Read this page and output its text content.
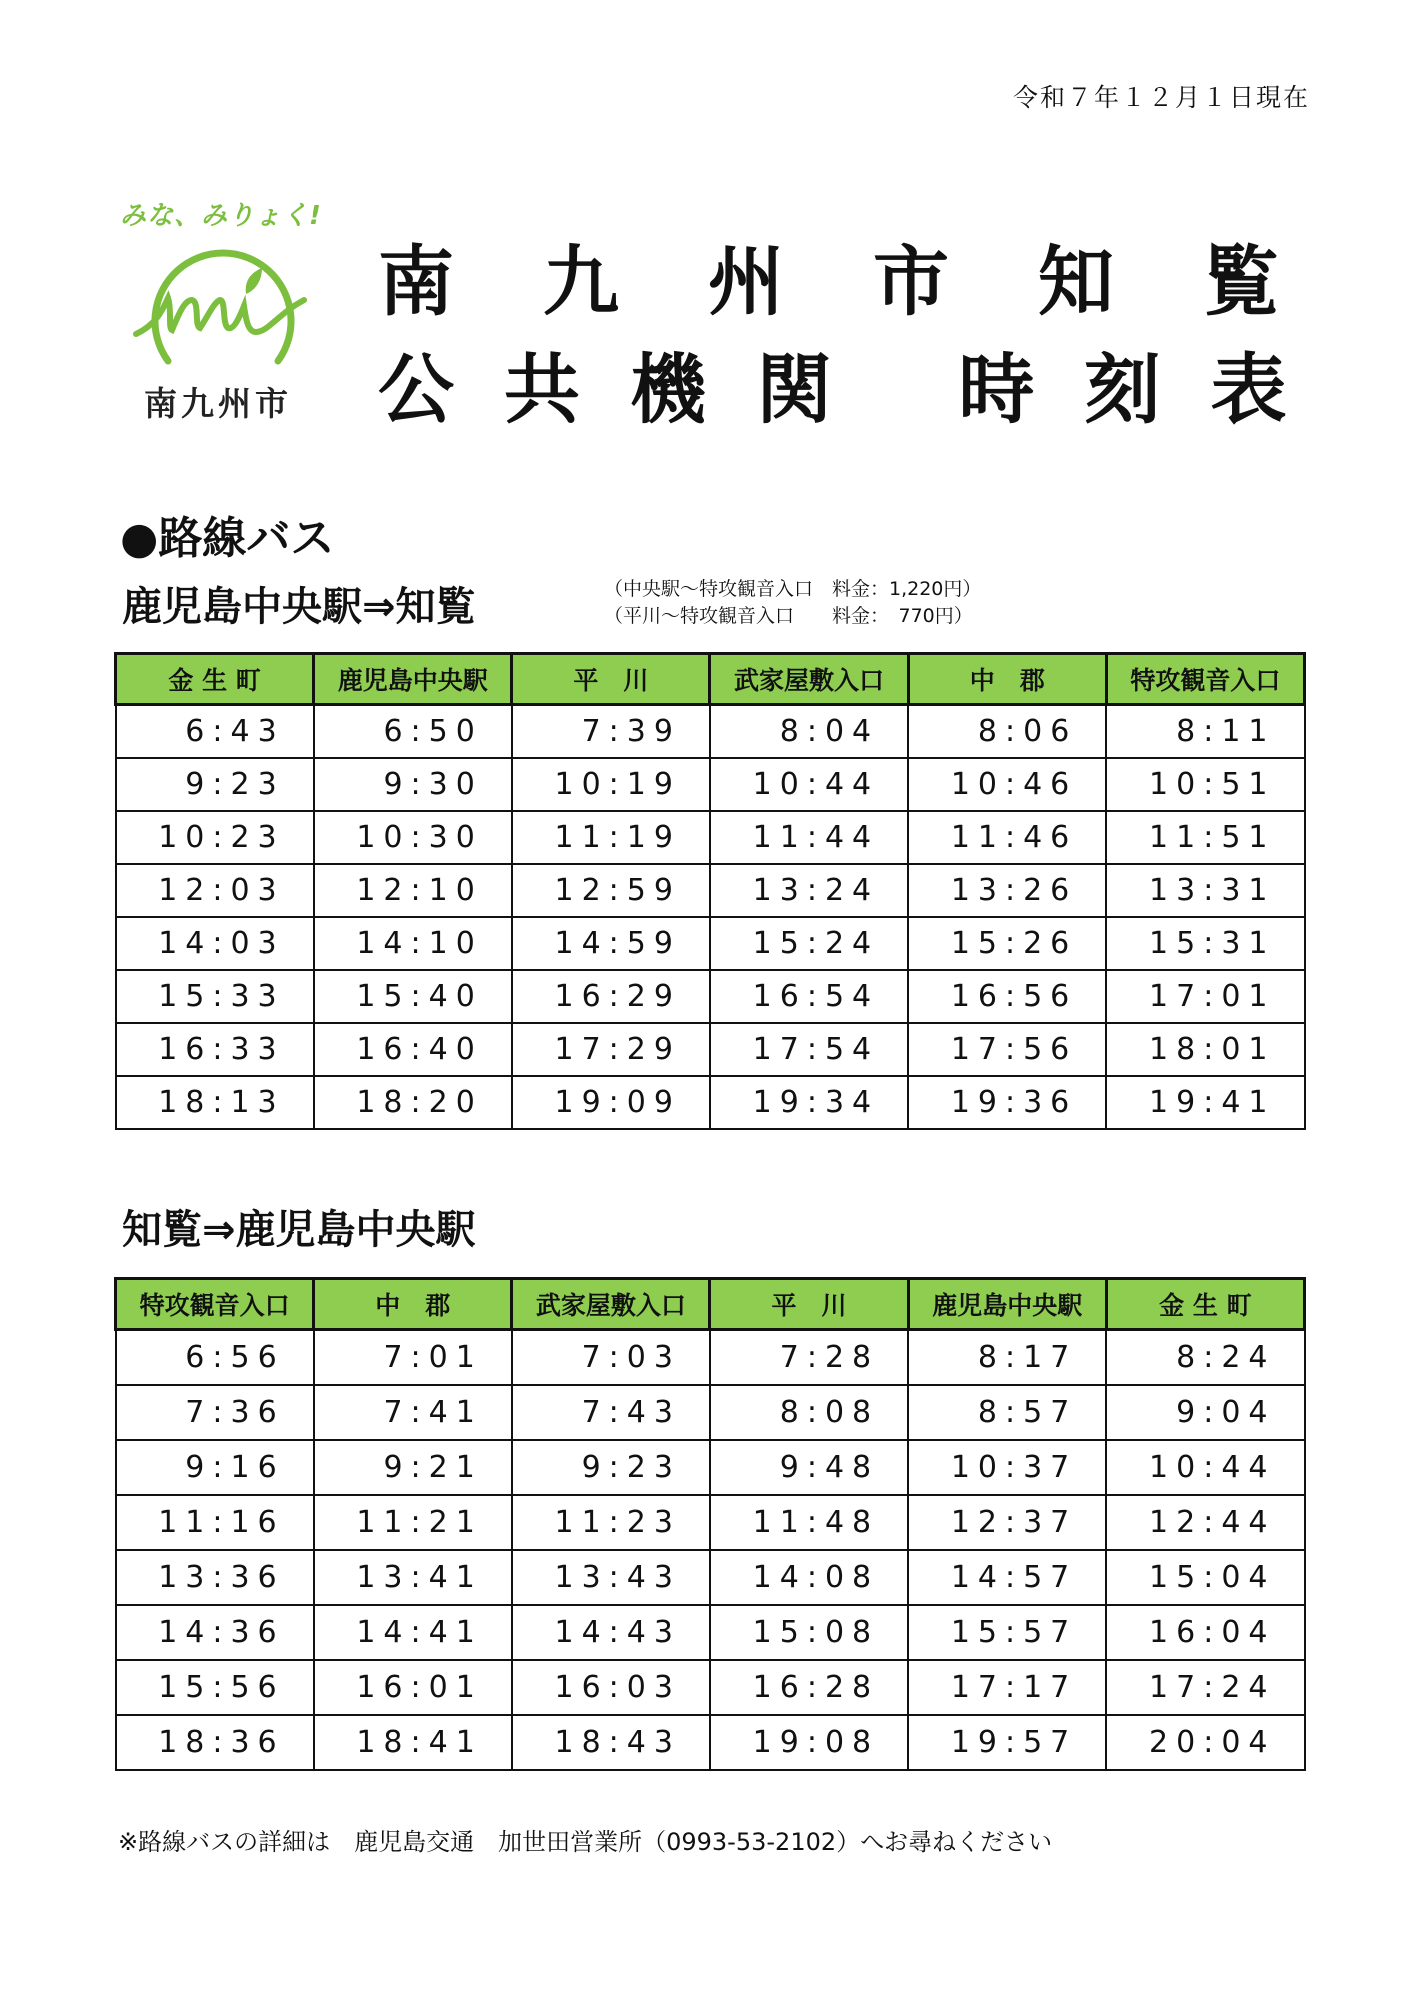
令和７年１２月１日現在
みな、みりょく!
南九州市
南九州市知覧
公共機関 時刻表
●路線バス
鹿児島中央駅⇒知覧	（中央駅～特攻観音入口　料金：1,220円）
（平川～特攻観音入口　　料金：　770円）
金 生 町	鹿児島中央駅	平　川	武家屋敷入口	中　郡	特攻観音入口
6:43	6:50	7:39	8:04	8:06	8:11
9:23	9:30	10:19	10:44	10:46	10:51
10:23	10:30	11:19	11:44	11:46	11:51
12:03	12:10	12:59	13:24	13:26	13:31
14:03	14:10	14:59	15:24	15:26	15:31
15:33	15:40	16:29	16:54	16:56	17:01
16:33	16:40	17:29	17:54	17:56	18:01
18:13	18:20	19:09	19:34	19:36	19:41
知覧⇒鹿児島中央駅
特攻観音入口	中　郡	武家屋敷入口	平　川	鹿児島中央駅	金 生 町
6:56	7:01	7:03	7:28	8:17	8:24
7:36	7:41	7:43	8:08	8:57	9:04
9:16	9:21	9:23	9:48	10:37	10:44
11:16	11:21	11:23	11:48	12:37	12:44
13:36	13:41	13:43	14:08	14:57	15:04
14:36	14:41	14:43	15:08	15:57	16:04
15:56	16:01	16:03	16:28	17:17	17:24
18:36	18:41	18:43	19:08	19:57	20:04
※路線バスの詳細は　鹿児島交通　加世田営業所（0993-53-2102）へお尋ねください
